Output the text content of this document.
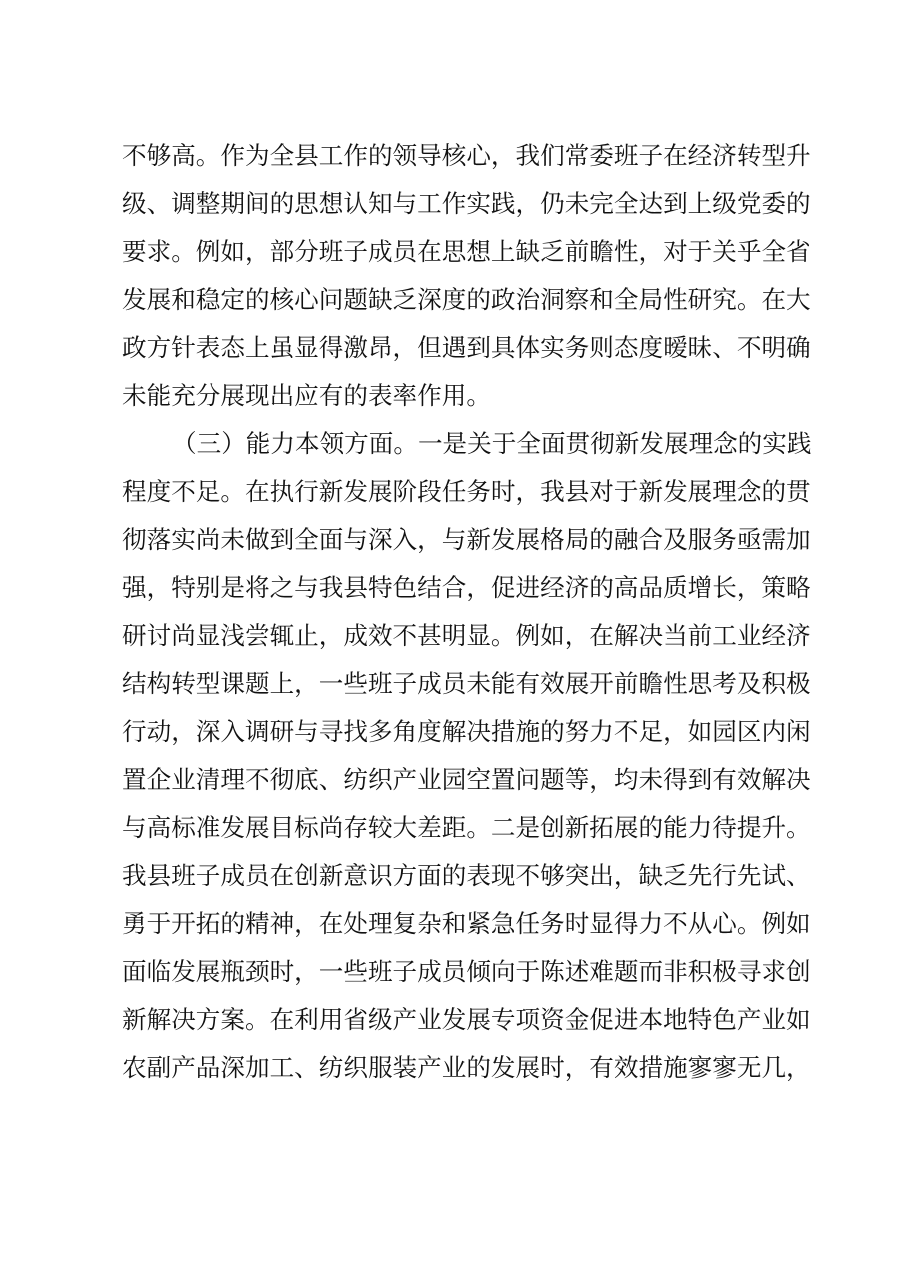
不够高。作为全县工作的领导核心，我们常委班子在经济转型升
级、调整期间的思想认知与工作实践，仍未完全达到上级党委的
要求。例如，部分班子成员在思想上缺乏前瞻性，对于关乎全省
发展和稳定的核心问题缺乏深度的政治洞察和全局性研究。在大
政方针表态上虽显得激昂，但遇到具体实务则态度暧昧、不明确
未能充分展现出应有的表率作用。
（三）能力本领方面。一是关于全面贯彻新发展理念的实践
程度不足。在执行新发展阶段任务时，我县对于新发展理念的贯
彻落实尚未做到全面与深入，与新发展格局的融合及服务亟需加
强，特别是将之与我县特色结合，促进经济的高品质增长，策略
研讨尚显浅尝辄止，成效不甚明显。例如，在解决当前工业经济
结构转型课题上，一些班子成员未能有效展开前瞻性思考及积极
行动，深入调研与寻找多角度解决措施的努力不足，如园区内闲
置企业清理不彻底、纺织产业园空置问题等，均未得到有效解决
与高标准发展目标尚存较大差距。二是创新拓展的能力待提升。
我县班子成员在创新意识方面的表现不够突出，缺乏先行先试、
勇于开拓的精神，在处理复杂和紧急任务时显得力不从心。例如
面临发展瓶颈时，一些班子成员倾向于陈述难题而非积极寻求创
新解决方案。在利用省级产业发展专项资金促进本地特色产业如
农副产品深加工、纺织服装产业的发展时，有效措施寥寥无几，
